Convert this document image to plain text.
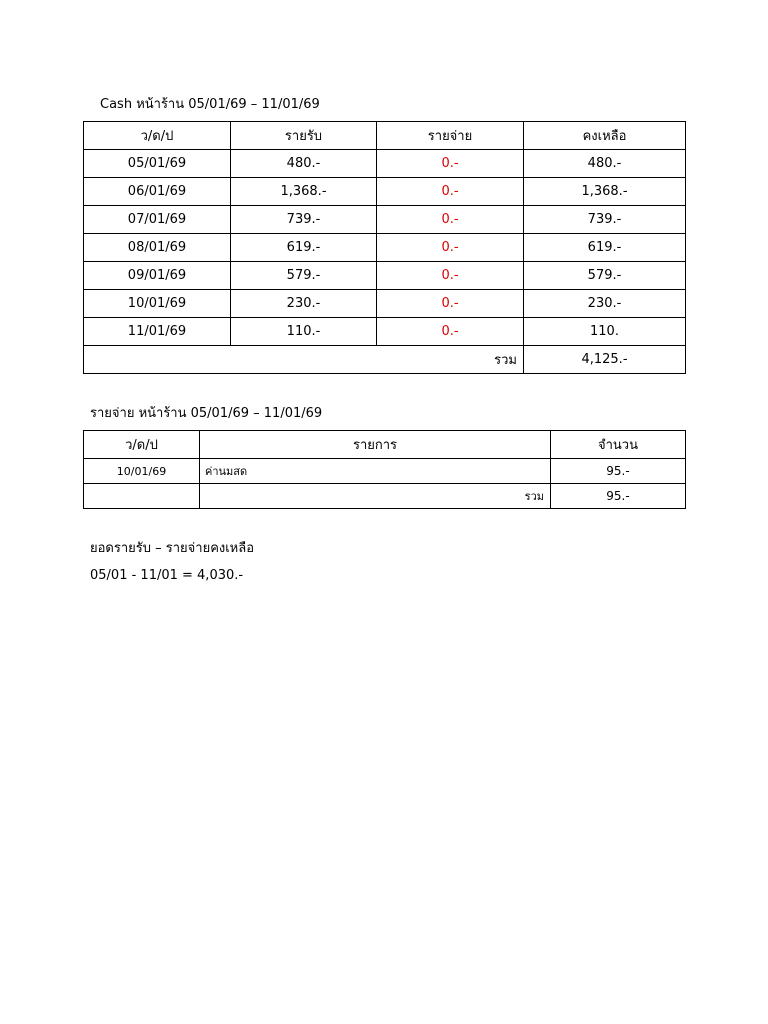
Cash หน้าร้าน 05/01/69 – 11/01/69
ว/ด/ป	รายรับ	รายจ่าย	คงเหลือ
05/01/69	480.-	0.-	480.-
06/01/69	1,368.-	0.-	1,368.-
07/01/69	739.-	0.-	739.-
08/01/69	619.-	0.-	619.-
09/01/69	579.-	0.-	579.-
10/01/69	230.-	0.-	230.-
11/01/69	110.-	0.-	110.
รวม			4,125.-
รายจ่าย หน้าร้าน 05/01/69 – 11/01/69
ว/ด/ป	รายการ	จำนวน
10/01/69	ค่านมสด	95.-
	รวม	95.-
ยอดรายรับ – รายจ่ายคงเหลือ
05/01 - 11/01 = 4,030.-
